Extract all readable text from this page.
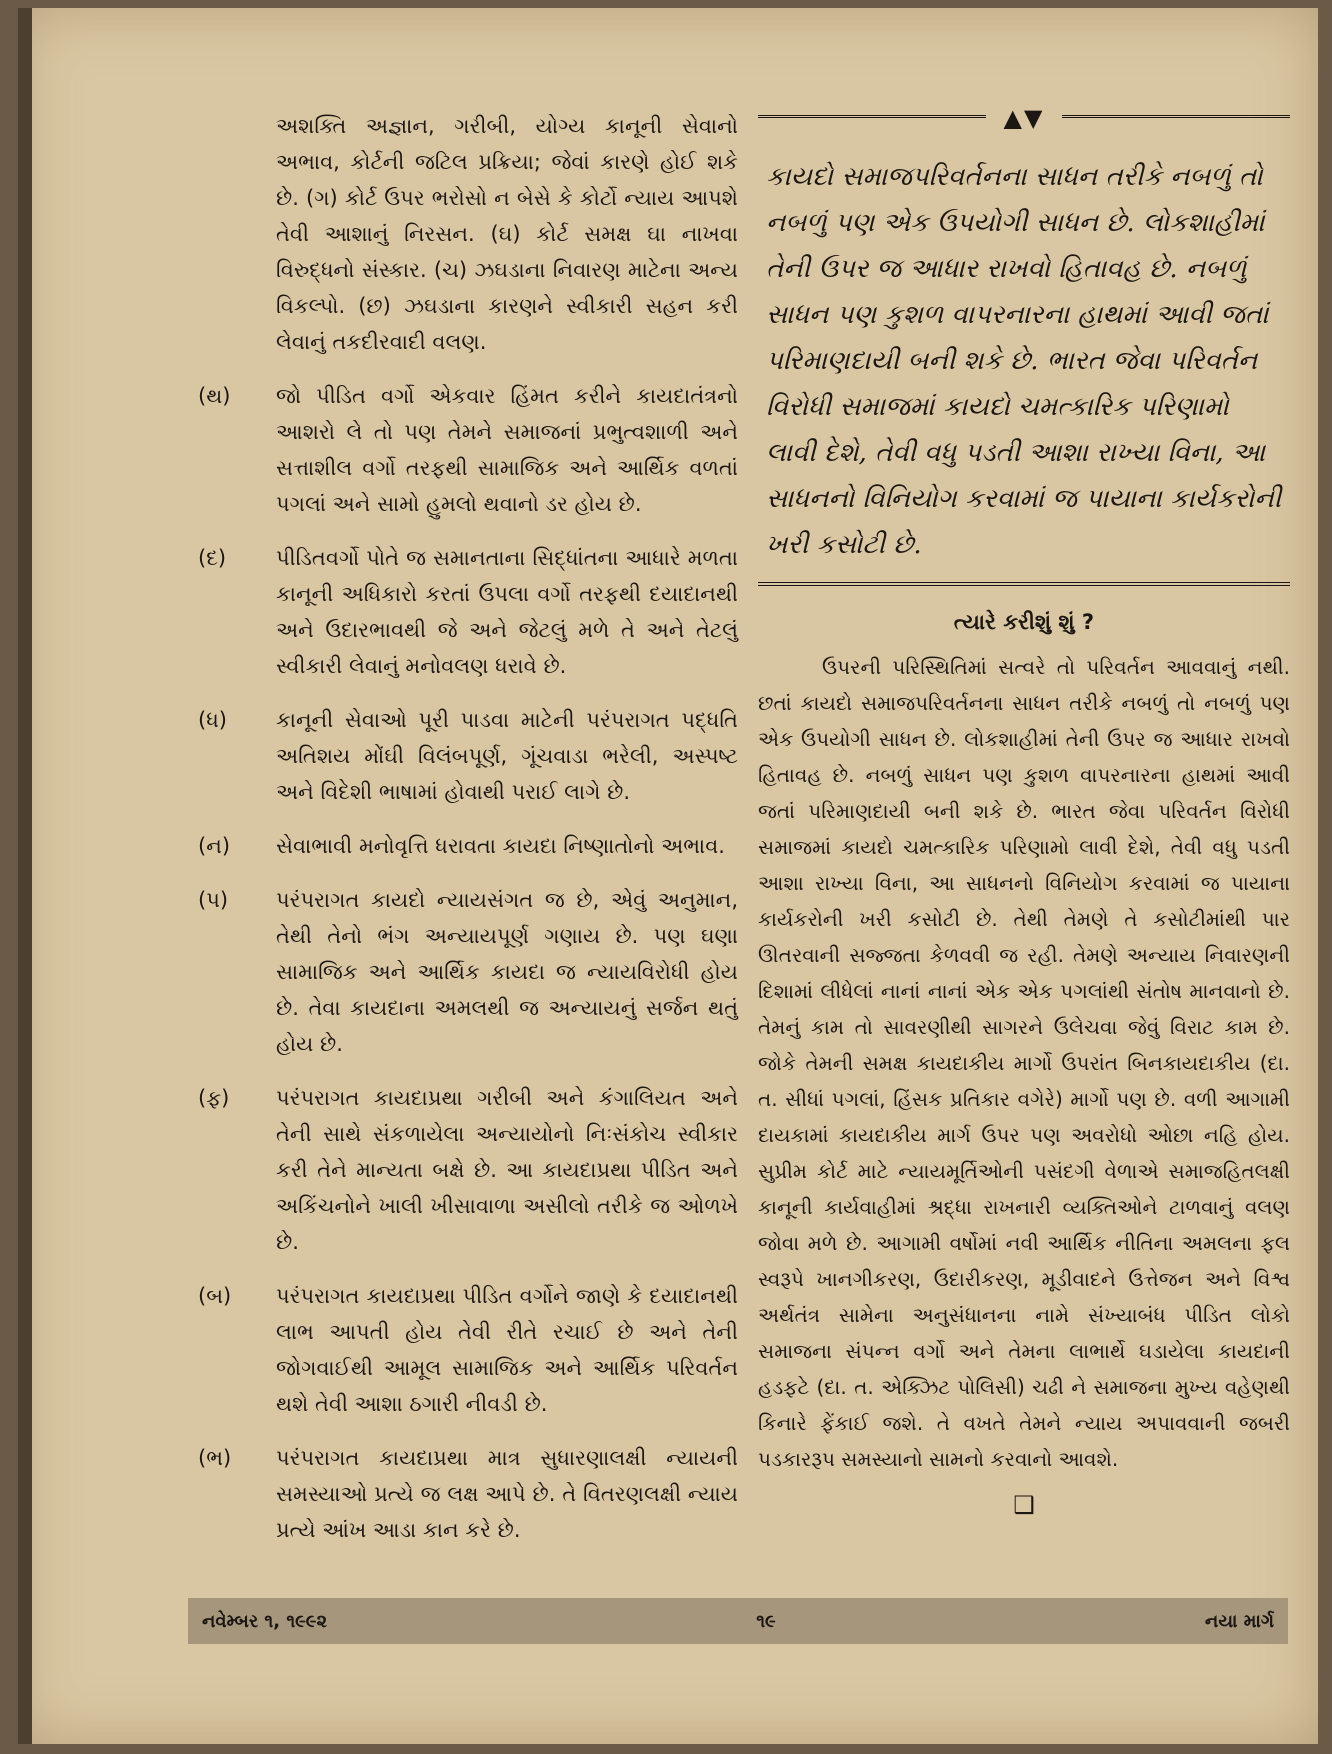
અશક્તિ અજ્ઞાન, ગરીબી, યોગ્ય કાનૂની સેવાનો અભાવ, કોર્ટની જટિલ પ્રક્રિયા; જેવાં કારણે હોઈ શકે છે. (ગ) કોર્ટ ઉપર ભરોસો ન બેસે કે કોર્ટો ન્યાય આપશે તેવી આશાનું નિરસન. (ઘ) કોર્ટ સમક્ષ ઘા નાખવા વિરુદ્ધનો સંસ્કાર. (ચ) ઝઘડાના નિવારણ માટેના અન્ય વિકલ્પો. (છ) ઝઘડાના કારણને સ્વીકારી સહન કરી લેવાનું તકદીરવાદી વલણ.

(થ)	જો પીડિત વર્ગો એકવાર હિંમત કરીને કાયદાતંત્રનો આશરો લે તો પણ તેમને સમાજનાં પ્રભુત્વશાળી અને સત્તાશીલ વર્ગો તરફથી સામાજિક અને આર્થિક વળતાં પગલાં અને સામો હુમલો થવાનો ડર હોય છે.
(દ)	પીડિતવર્ગો પોતે જ સમાનતાના સિદ્ધાંતના આધારે મળતા કાનૂની અધિકારો કરતાં ઉપલા વર્ગો તરફથી દયાદાનથી અને ઉદારભાવથી જે અને જેટલું મળે તે અને તેટલું સ્વીકારી લેવાનું મનોવલણ ધરાવે છે.
(ધ)	કાનૂની સેવાઓ પૂરી પાડવા માટેની પરંપરાગત પદ્ધતિ અતિશય મોંઘી વિલંબપૂર્ણ, ગૂંચવાડા ભરેલી, અસ્પષ્ટ અને વિદેશી ભાષામાં હોવાથી પરાઈ લાગે છે.
(ન)	સેવાભાવી મનોવૃત્તિ ધરાવતા કાયદા નિષ્ણાતોનો અભાવ.
(પ)	પરંપરાગત કાયદો ન્યાયસંગત જ છે, એવું અનુમાન, તેથી તેનો ભંગ અન્યાયપૂર્ણ ગણાય છે. પણ ઘણા સામાજિક અને આર્થિક કાયદા જ ન્યાયવિરોધી હોય છે. તેવા કાયદાના અમલથી જ અન્યાયનું સર્જન થતું હોય છે.
(ફ)	પરંપરાગત કાયદાપ્રથા ગરીબી અને કંગાલિયત અને તેની સાથે સંકળાયેલા અન્યાયોનો નિઃસંકોચ સ્વીકાર કરી તેને માન્યતા બક્ષે છે. આ કાયદાપ્રથા પીડિત અને અકિંચનોને ખાલી ખીસાવાળા અસીલો તરીકે જ ઓળખે છે.
(બ)	પરંપરાગત કાયદાપ્રથા પીડિત વર્ગોને જાણે કે દયાદાનથી લાભ આપતી હોય તેવી રીતે રચાઈ છે અને તેની જોગવાઈથી આમૂલ સામાજિક અને આર્થિક પરિવર્તન થશે તેવી આશા ઠગારી નીવડી છે.
(ભ)	પરંપરાગત કાયદાપ્રથા માત્ર સુધારણાલક્ષી ન્યાયની સમસ્યાઓ પ્રત્યે જ લક્ષ આપે છે. તે વિતરણલક્ષી ન્યાય પ્રત્યે આંખ આડા કાન કરે છે.
▲▼
કાયદો સમાજપરિવર્તનના સાધન તરીકે નબળું તો નબળું પણ એક ઉપયોગી સાધન છે. લોકશાહીમાં તેની ઉપર જ આધાર રાખવો હિતાવહ છે. નબળું સાધન પણ કુશળ વાપરનારના હાથમાં આવી જતાં પરિમાણદાયી બની શકે છે. ભારત જેવા પરિવર્તન વિરોધી સમાજમાં કાયદો ચમત્કારિક પરિણામો લાવી દેશે, તેવી વધુ પડતી આશા રાખ્યા વિના, આ સાધનનો વિનિયોગ કરવામાં જ પાયાના કાર્યકરોની ખરી કસોટી છે.
ત્યારે કરીશું શું ?

ઉપરની પરિસ્થિતિમાં સત્વરે તો પરિવર્તન આવવાનું નથી. છતાં કાયદો સમાજપરિવર્તનના સાધન તરીકે નબળું તો નબળું પણ એક ઉપયોગી સાધન છે. લોકશાહીમાં તેની ઉપર જ આધાર રાખવો હિતાવહ છે. નબળું સાધન પણ કુશળ વાપરનારના હાથમાં આવી જતાં પરિમાણદાયી બની શકે છે. ભારત જેવા પરિવર્તન વિરોધી સમાજમાં કાયદો ચમત્કારિક પરિણામો લાવી દેશે, તેવી વધુ પડતી આશા રાખ્યા વિના, આ સાધનનો વિનિયોગ કરવામાં જ પાયાના કાર્યકરોની ખરી કસોટી છે. તેથી તેમણે તે કસોટીમાંથી પાર ઊતરવાની સજ્જતા કેળવવી જ રહી. તેમણે અન્યાય નિવારણની દિશામાં લીધેલાં નાનાં નાનાં એક એક પગલાંથી સંતોષ માનવાનો છે. તેમનું કામ તો સાવરણીથી સાગરને ઉલેચવા જેવું વિરાટ કામ છે. જોકે તેમની સમક્ષ કાયદાકીય માર્ગો ઉપરાંત બિનકાયદાકીય (દા. ત. સીધાં પગલાં, હિંસક પ્રતિકાર વગેરે) માર્ગો પણ છે. વળી આગામી દાયકામાં કાયદાકીય માર્ગ ઉપર પણ અવરોધો ઓછા નહિ હોય. સુપ્રીમ કોર્ટ માટે ન્યાયમૂર્તિઓની પસંદગી વેળાએ સમાજહિતલક્ષી કાનૂની કાર્યવાહીમાં શ્રદ્ધા રાખનારી વ્યક્તિઓને ટાળવાનું વલણ જોવા મળે છે. આગામી વર્ષોમાં નવી આર્થિક નીતિના અમલના ફલ સ્વરૂપે ખાનગીકરણ, ઉદારીકરણ, મૂડીવાદને ઉત્તેજન અને વિશ્વ અર્થતંત્ર સામેના અનુસંધાનના નામે સંખ્યાબંધ પીડિત લોકો સમાજના સંપન્ન વર્ગો અને તેમના લાભાર્થે ઘડાયેલા કાયદાની હડફટે (દા. ત. એક્ઝિટ પોલિસી) ચઢી ને સમાજના મુખ્ય વહેણથી કિનારે ફેંકાઈ જશે. તે વખતે તેમને ન્યાય અપાવવાની જબરી પડકારરૂપ સમસ્યાનો સામનો કરવાનો આવશે.

❑
નવેમ્બર ૧, ૧૯૯૨	૧૯	નયા માર્ગ
